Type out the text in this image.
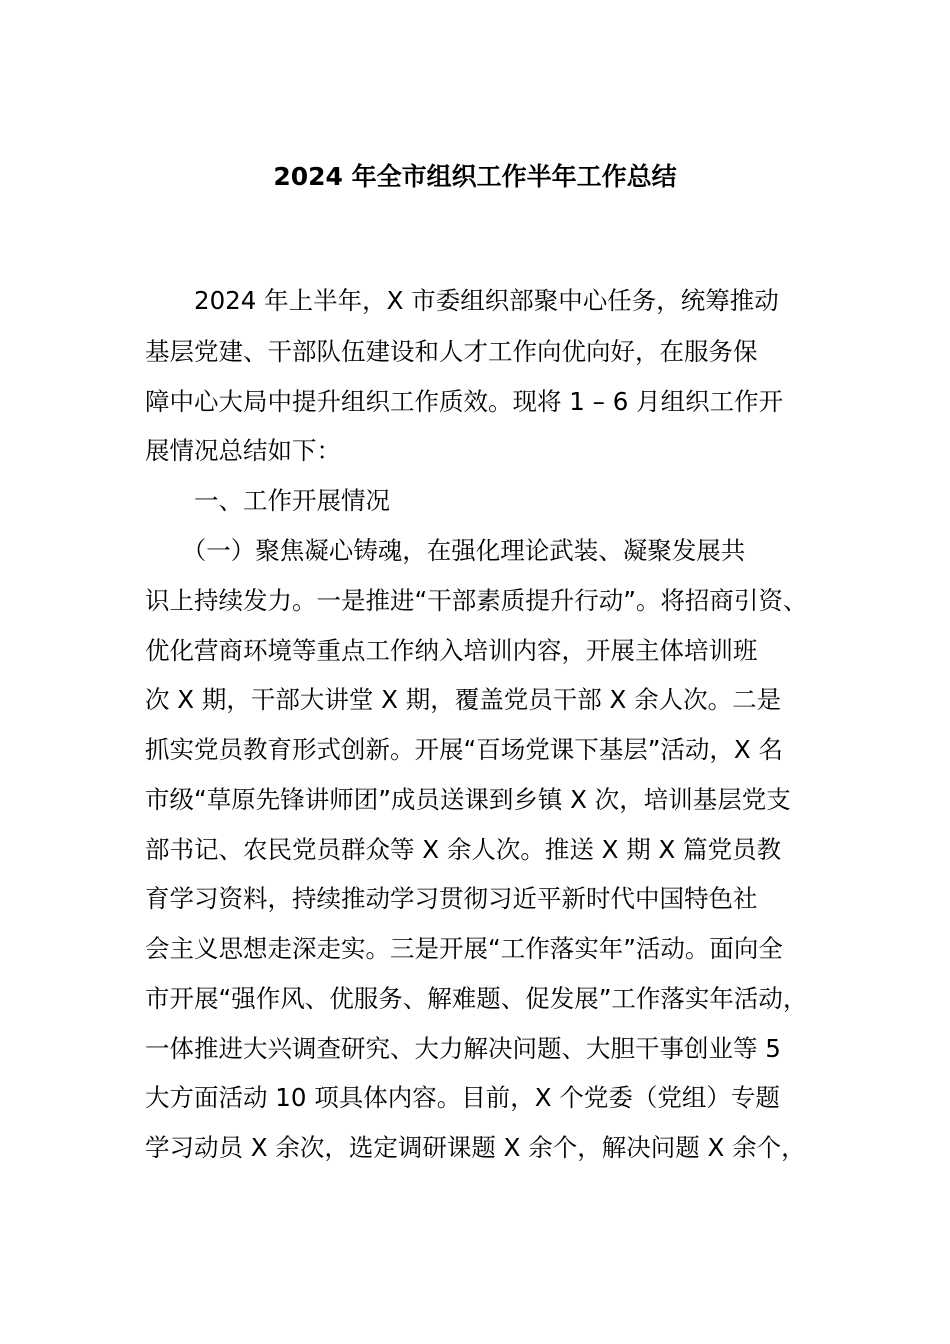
2024 年全市组织工作半年工作总结
　　2024 年上半年，X 市委组织部聚中心任务，统筹推动
基层党建、干部队伍建设和人才工作向优向好，在服务保
障中心大局中提升组织工作质效。现将 1 – 6 月组织工作开
展情况总结如下：
　　一、工作开展情况
　　（一）聚焦凝心铸魂，在强化理论武装、凝聚发展共
识上持续发力。一是推进“干部素质提升行动”。将招商引资、
优化营商环境等重点工作纳入培训内容，开展主体培训班
次 X 期，干部大讲堂 X 期，覆盖党员干部 X 余人次。二是
抓实党员教育形式创新。开展“百场党课下基层”活动，X 名
市级“草原先锋讲师团”成员送课到乡镇 X 次，培训基层党支
部书记、农民党员群众等 X 余人次。推送 X 期 X 篇党员教
育学习资料，持续推动学习贯彻习近平新时代中国特色社
会主义思想走深走实。三是开展“工作落实年”活动。面向全
市开展“强作风、优服务、解难题、促发展”工作落实年活动，
一体推进大兴调查研究、大力解决问题、大胆干事创业等 5
大方面活动 10 项具体内容。目前，X 个党委（党组）专题
学习动员 X 余次，选定调研课题 X 余个，解决问题 X 余个，
